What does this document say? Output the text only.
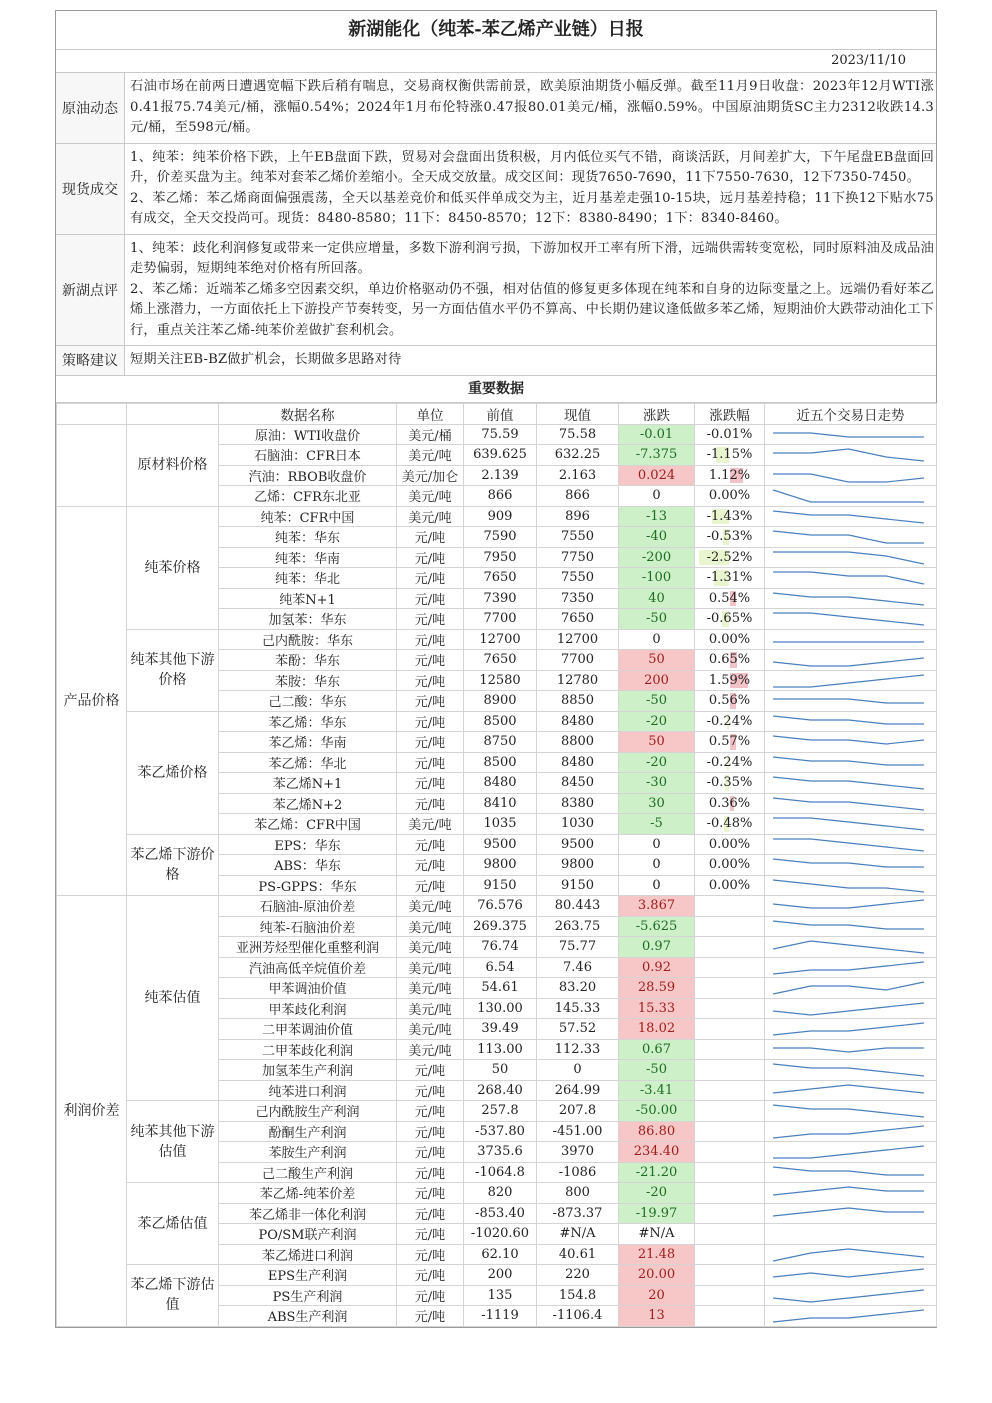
新湖能化（纯苯-苯乙烯产业链）日报
2023/11/10
原油动态

石油市场在前两日遭遇宽幅下跌后稍有喘息，交易商权衡供需前景，欧美原油期货小幅反弹。截至11月9日收盘：2023年12月WTI涨0.41报75.74美元/桶，涨幅0.54%；2024年1月布伦特涨0.47报80.01美元/桶，涨幅0.59%。中国原油期货SC主力2312收跌14.3元/桶，至598元/桶。

现货成交

1、纯苯：纯苯价格下跌，上午EB盘面下跌，贸易对会盘面出货积极，月内低位买气不错，商谈活跃，月间差扩大，下午尾盘EB盘面回升，价差买盘为主。纯苯对套苯乙烯价差缩小。全天成交放量。成交区间：现货7650-7690，11下7550-7630，12下7350-7450。

2、苯乙烯：苯乙烯商面偏强震荡，全天以基差竞价和低买伴单成交为主，近月基差走强10-15块，远月基差持稳；11下换12下贴水75有成交，全天交投尚可。现货：8480-8580；11下：8450-8570；12下：8380-8490；1下：8340-8460。

新湖点评

1、纯苯：歧化利润修复或带来一定供应增量，多数下游利润亏损，下游加权开工率有所下滑，远端供需转变宽松，同时原料油及成品油走势偏弱，短期纯苯绝对价格有所回落。

2、苯乙烯：近端苯乙烯多空因素交织，单边价格驱动仍不强，相对估值的修复更多体现在纯苯和自身的边际变量之上。远端仍看好苯乙烯上涨潜力，一方面依托上下游投产节奏转变，另一方面估值水平仍不算高、中长期仍建议逢低做多苯乙烯，短期油价大跌带动油化工下行，重点关注苯乙烯-纯苯价差做扩套利机会。

策略建议 短期关注EB-BZ做扩机会，长期做多思路对待

重要数据
		数据名称	单位	前值	现值	涨跌	涨跌幅	近五个交易日走势
	原材料价格	原油：WTI收盘价	美元/桶	75.59	75.58	-0.01	-0.01%	

		石脑油：CFR日本	美元/吨	639.625	632.25	-7.375	-1.15%	

		汽油：RBOB收盘价	美元/加仑	2.139	2.163	0.024	1.12%	

		乙烯：CFR东北亚	美元/吨	866	866	0	0.00%	

产品价格	纯苯价格	纯苯：CFR中国	美元/吨	909	896	-13	-1.43%	

		纯苯：华东	元/吨	7590	7550	-40	-0.53%	

		纯苯：华南	元/吨	7950	7750	-200	-2.52%	

		纯苯：华北	元/吨	7650	7550	-100	-1.31%	

		纯苯N+1	元/吨	7390	7350	40	0.54%	

		加氢苯：华东	元/吨	7700	7650	-50	-0.65%	

	纯苯其他下游价格	己内酰胺：华东	元/吨	12700	12700	0	0.00%	

		苯酚：华东	元/吨	7650	7700	50	0.65%	

		苯胺：华东	元/吨	12580	12780	200	1.59%	

		己二酸：华东	元/吨	8900	8850	-50	0.56%	

	苯乙烯价格	苯乙烯：华东	元/吨	8500	8480	-20	-0.24%	

		苯乙烯：华南	元/吨	8750	8800	50	0.57%	

		苯乙烯：华北	元/吨	8500	8480	-20	-0.24%	

		苯乙烯N+1	元/吨	8480	8450	-30	-0.35%	

		苯乙烯N+2	元/吨	8410	8380	30	0.36%	

		苯乙烯：CFR中国	美元/吨	1035	1030	-5	-0.48%	

	苯乙烯下游价格	EPS：华东	元/吨	9500	9500	0	0.00%	

		ABS：华东	元/吨	9800	9800	0	0.00%	

		PS-GPPS：华东	元/吨	9150	9150	0	0.00%	

利润价差	纯苯估值	石脑油-原油价差	美元/吨	76.576	80.443	3.867		

		纯苯-石脑油价差	美元/吨	269.375	263.75	-5.625		

		亚洲芳烃型催化重整利润	美元/吨	76.74	75.77	0.97		

		汽油高低辛烷值价差	美元/吨	6.54	7.46	0.92		

		甲苯调油价值	美元/吨	54.61	83.20	28.59		

		甲苯歧化利润	美元/吨	130.00	145.33	15.33		

		二甲苯调油价值	美元/吨	39.49	57.52	18.02		

		二甲苯歧化利润	美元/吨	113.00	112.33	0.67		

		加氢苯生产利润	元/吨	50	0	-50		

		纯苯进口利润	元/吨	268.40	264.99	-3.41		

	纯苯其他下游估值	己内酰胺生产利润	元/吨	257.8	207.8	-50.00		

		酚酮生产利润	元/吨	-537.80	-451.00	86.80		

		苯胺生产利润	元/吨	3735.6	3970	234.40		

		己二酸生产利润	元/吨	-1064.8	-1086	-21.20		

	苯乙烯估值	苯乙烯-纯苯价差	元/吨	820	800	-20		

		苯乙烯非一体化利润	元/吨	-853.40	-873.37	-19.97		

		PO/SM联产利润	元/吨	-1020.60	#N/A	#N/A		
		苯乙烯进口利润	元/吨	62.10	40.61	21.48		

	苯乙烯下游估值	EPS生产利润	元/吨	200	220	20.00		

		PS生产利润	元/吨	135	154.8	20		

		ABS生产利润	元/吨	-1119	-1106.4	13		
